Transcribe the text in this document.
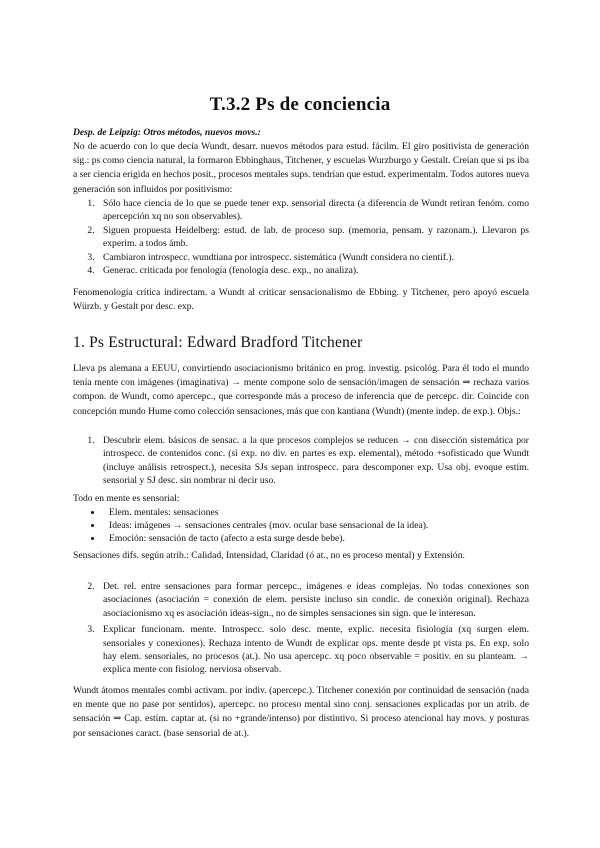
T.3.2 Ps de conciencia
Desp. de Leipzig: Otros métodos, nuevos movs.:

No de acuerdo con lo que decía Wundt, desarr. nuevos métodos para estud. fácilm. El giro positivista de generación sig.: ps como ciencia natural, la formaron Ebbinghaus, Titchener, y escuelas Wurzburgo y Gestalt. Creían que si ps iba a ser ciencia erigida en hechos posit., procesos mentales sups. tendrían que estud. experimentalm. Todos autores nueva generación son influidos por positivismo:

1. Sólo hace ciencia de lo que se puede tener exp. sensorial directa (a diferencia de Wundt retiran fenóm. como apercepción xq no son observables).
2. Siguen propuesta Heidelberg: estud. de lab. de proceso sup. (memoria, pensam. y razonam.). Llevaron ps experim. a todos ámb.
3. Cambiaron introspecc. wundtiana por introspecc. sistemática (Wundt considera no científ.).
4. Generac. criticada por fenología (fenología desc. exp., no analiza).

Fenomenología crítica indirectam. a Wundt al criticar sensacionalismo de Ebbing. y Titchener, pero apoyó escuela Würzb. y Gestalt por desc. exp.

1. Ps Estructural: Edward Bradford Titchener

Lleva ps alemana a EEUU, convirtiendo asociacionismo británico en prog. investig. psicológ. Para él todo el mundo tenía mente con imágenes (imaginativa) → mente compone solo de sensación/imagen de sensación ⇒ rechaza varios compon. de Wundt, como apercepc., que corresponde más a proceso de inferencia que de percepc. dir. Coincide con concepción mundo Hume como colección sensaciones, más que con kantiana (Wundt) (mente indep. de exp.). Objs.:

1. Descubrir elem. básicos de sensac. a la que procesos complejos se reducen → con disección sistemática por introspecc. de contenidos conc. (si exp. no div. en partes es exp. elemental), método +sofisticado que Wundt (incluye análisis retrospect.), necesita SJs sepan introspecc. para descomponer exp. Usa obj. evoque estím. sensorial y SJ desc. sin nombrar ni decir uso.

Todo en mente es sensorial:

• Elem. mentales: sensaciones
• Ideas: imágenes → sensaciones centrales (mov. ocular base sensacional de la idea).
• Emoción: sensación de tacto (afecto a esta surge desde bebe).

Sensaciones difs. según atrib.: Calidad, Intensidad, Claridad (ó at., no es proceso mental) y Extensión.

2. Det. rel. entre sensaciones para formar percepc., imágenes e ideas complejas. No todas conexiones son asociaciones (asociación = conexión de elem. persiste incluso sin condic. de conexión original). Rechaza asociacionismo xq es asociación ideas-sign., no de simples sensaciones sin sign. que le interesan.
3. Explicar funcionam. mente. Introspecc. solo desc. mente, explic. necesita fisiología (xq surgen elem. sensoriales y conexiones). Rechaza intento de Wundt de explicar ops. mente desde pt vista ps. En exp. solo hay elem. sensoriales, no procesos (at.). No usa apercepc. xq poco observable = positiv. en su planteam. → explica mente con fisiolog. nerviosa observab.

Wundt átomos mentales combi activam. por indiv. (apercepc.). Titchener conexión por continuidad de sensación (nada en mente que no pase por sentidos), apercepc. no proceso mental sino conj. sensaciones explicadas por un atrib. de sensación ⇒ Cap. estím. captar at. (si no +grande/intenso) por distintivo. Si proceso atencional hay movs. y posturas por sensaciones caract. (base sensorial de at.).
